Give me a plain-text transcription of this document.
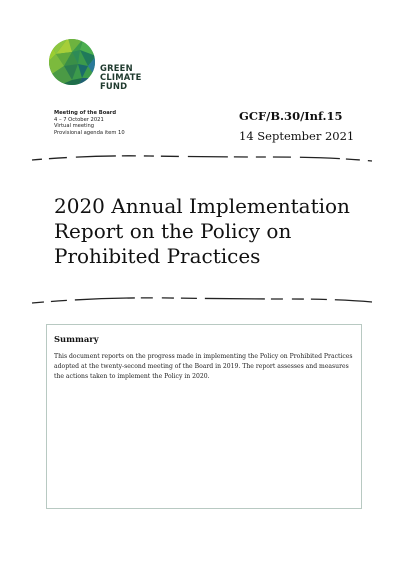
GREEN
CLIMATE
FUND
Meeting of the Board
4 – 7 October 2021
Virtual meeting
Provisional agenda item 10
GCF/B.30/Inf.15
14 September 2021
2020 Annual Implementation
Report on the Policy on
Prohibited Practices
Summary
This document reports on the progress made in implementing the Policy on Prohibited Practices adopted at the twenty-second meeting of the Board in 2019. The report assesses and measures the actions taken to implement the Policy in 2020.
